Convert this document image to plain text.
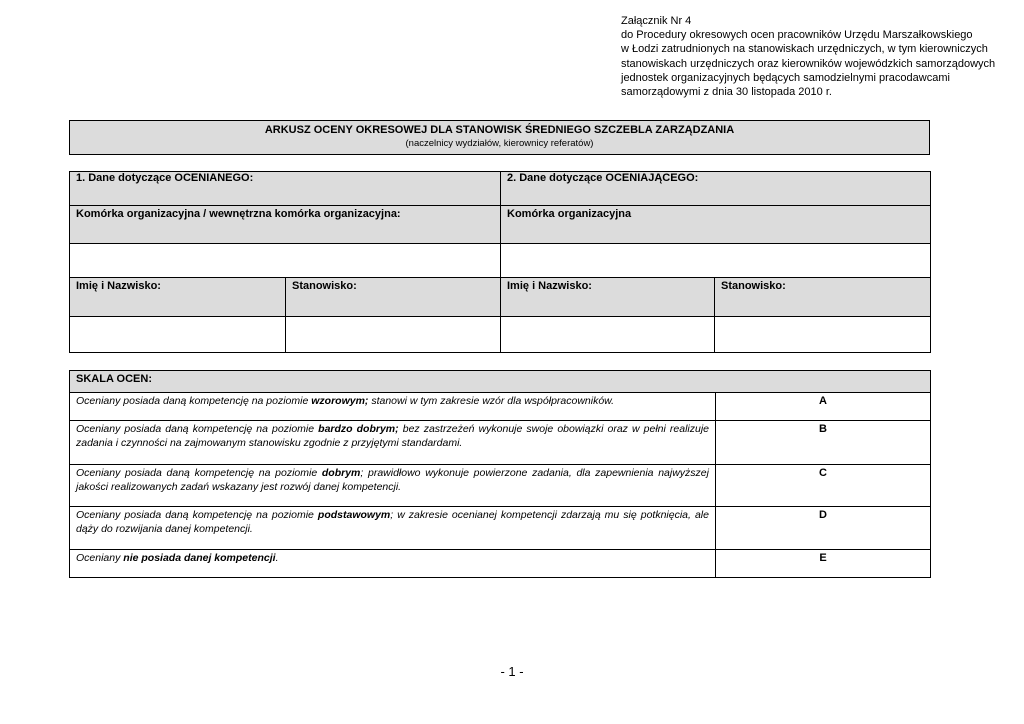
Załącznik Nr 4
do Procedury okresowych ocen pracowników Urzędu Marszałkowskiego
w Łodzi zatrudnionych na stanowiskach urzędniczych, w tym kierowniczych
stanowiskach urzędniczych oraz kierowników wojewódzkich samorządowych
jednostek organizacyjnych będących samodzielnymi pracodawcami
samorządowymi z dnia 30 listopada 2010 r.
ARKUSZ OCENY OKRESOWEJ DLA STANOWISK ŚREDNIEGO SZCZEBLA ZARZĄDZANIA
(naczelnicy wydziałów, kierownicy referatów)
1. Dane dotyczące OCENIANEGO:		2. Dane dotyczące OCENIAJĄCEGO:	
Komórka organizacyjna / wewnętrzna komórka organizacyjna:		Komórka organizacyjna	

Imię i Nazwisko:	Stanowisko:	Imię i Nazwisko:	Stanowisko:

SKALA OCEN:	
Oceniany posiada daną kompetencję na poziomie wzorowym; stanowi w tym zakresie wzór dla współpracowników.	A
Oceniany posiada daną kompetencję na poziomie bardzo dobrym; bez zastrzeżeń wykonuje swoje obowiązki oraz w pełni realizuje zadania i czynności na zajmowanym stanowisku zgodnie z przyjętymi standardami.	B
Oceniany posiada daną kompetencję na poziomie dobrym; prawidłowo wykonuje powierzone zadania, dla zapewnienia najwyższej jakości realizowanych zadań wskazany jest rozwój danej kompetencji.	C
Oceniany posiada daną kompetencję na poziomie podstawowym; w zakresie ocenianej kompetencji zdarzają mu się potknięcia, ale dąży do rozwijania danej kompetencji.	D
Oceniany nie posiada danej kompetencji.	E
- 1 -
